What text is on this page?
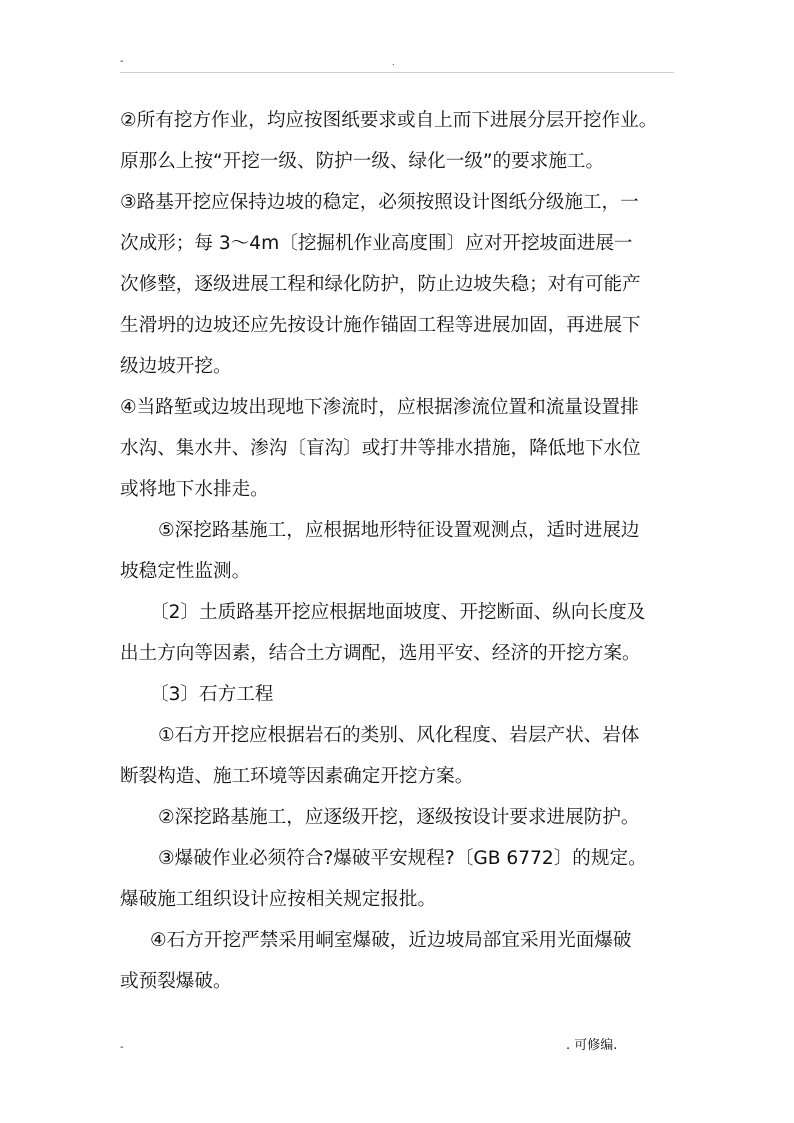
-	.
②所有挖方作业，均应按图纸要求或自上而下进展分层开挖作业。
原那么上按“开挖一级、防护一级、绿化一级”的要求施工。
③路基开挖应保持边坡的稳定，必须按照设计图纸分级施工，一
次成形；每 3～4m〔挖掘机作业高度围〕应对开挖坡面进展一
次修整，逐级进展工程和绿化防护，防止边坡失稳；对有可能产
生滑坍的边坡还应先按设计施作锚固工程等进展加固，再进展下
级边坡开挖。
④当路堑或边坡出现地下渗流时，应根据渗流位置和流量设置排
水沟、集水井、渗沟〔盲沟〕或打井等排水措施，降低地下水位
或将地下水排走。
⑤深挖路基施工，应根据地形特征设置观测点，适时进展边
坡稳定性监测。
〔2〕土质路基开挖应根据地面坡度、开挖断面、纵向长度及
出土方向等因素，结合土方调配，选用平安、经济的开挖方案。
〔3〕石方工程
①石方开挖应根据岩石的类别、风化程度、岩层产状、岩体
断裂构造、施工环境等因素确定开挖方案。
②深挖路基施工，应逐级开挖，逐级按设计要求进展防护。
③爆破作业必须符合?爆破平安规程?〔GB 6772〕的规定。
爆破施工组织设计应按相关规定报批。
④石方开挖严禁采用峒室爆破，近边坡局部宜采用光面爆破
或预裂爆破。
-	. 可修编.
